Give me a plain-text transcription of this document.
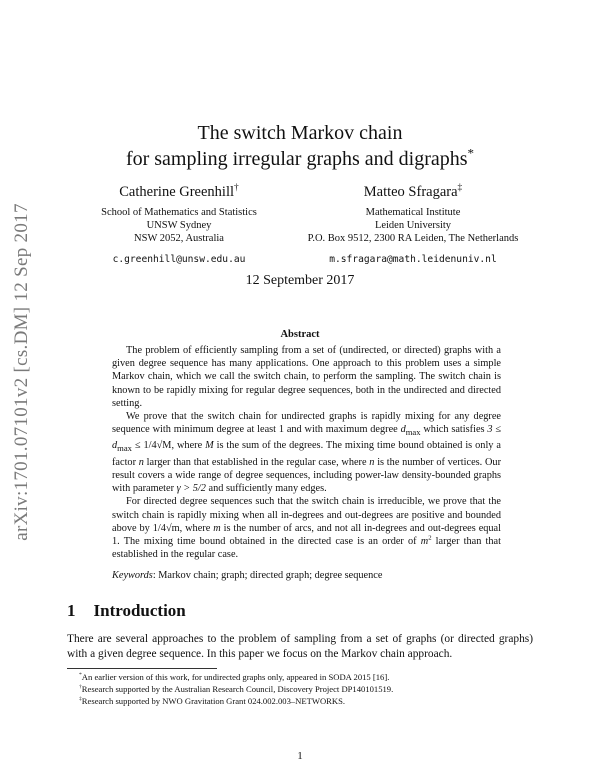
arXiv:1701.07101v2 [cs.DM] 12 Sep 2017
The switch Markov chain
for sampling irregular graphs and digraphs*
Catherine Greenhill†
School of Mathematics and Statistics
UNSW Sydney
NSW 2052, Australia
c.greenhill@unsw.edu.au
Matteo Sfragara‡
Mathematical Institute
Leiden University
P.O. Box 9512, 2300 RA Leiden, The Netherlands
m.sfragara@math.leidenuniv.nl
12 September 2017
Abstract

The problem of efficiently sampling from a set of (undirected, or directed) graphs with a given degree sequence has many applications. One approach to this problem uses a simple Markov chain, which we call the switch chain, to perform the sampling. The switch chain is known to be rapidly mixing for regular degree sequences, both in the undirected and directed setting.

We prove that the switch chain for undirected graphs is rapidly mixing for any degree sequence with minimum degree at least 1 and with maximum degree $d_{max}$ which satisfies $3 \le d_{max} \le 1/4√M$, where M is the sum of the degrees. The mixing time bound obtained is only a factor n larger than that established in the regular case, where n is the number of vertices. Our result covers a wide range of degree sequences, including power-law density-bounded graphs with parameter γ > 5/2 and sufficiently many edges.

For directed degree sequences such that the switch chain is irreducible, we prove that the switch chain is rapidly mixing when all in-degrees and out-degrees are positive and bounded above by 1/4√m, where m is the number of arcs, and not all in-degrees and out-degrees equal 1. The mixing time bound obtained in the directed case is an order of $m^2$ larger than that established in the regular case.

Keywords: Markov chain; graph; directed graph; degree sequence
1 Introduction
There are several approaches to the problem of sampling from a set of graphs (or directed graphs) with a given degree sequence. In this paper we focus on the Markov chain approach.
*An earlier version of this work, for undirected graphs only, appeared in SODA 2015 [16].
†Research supported by the Australian Research Council, Discovery Project DP140101519.
‡Research supported by NWO Gravitation Grant 024.002.003–NETWORKS.
1
